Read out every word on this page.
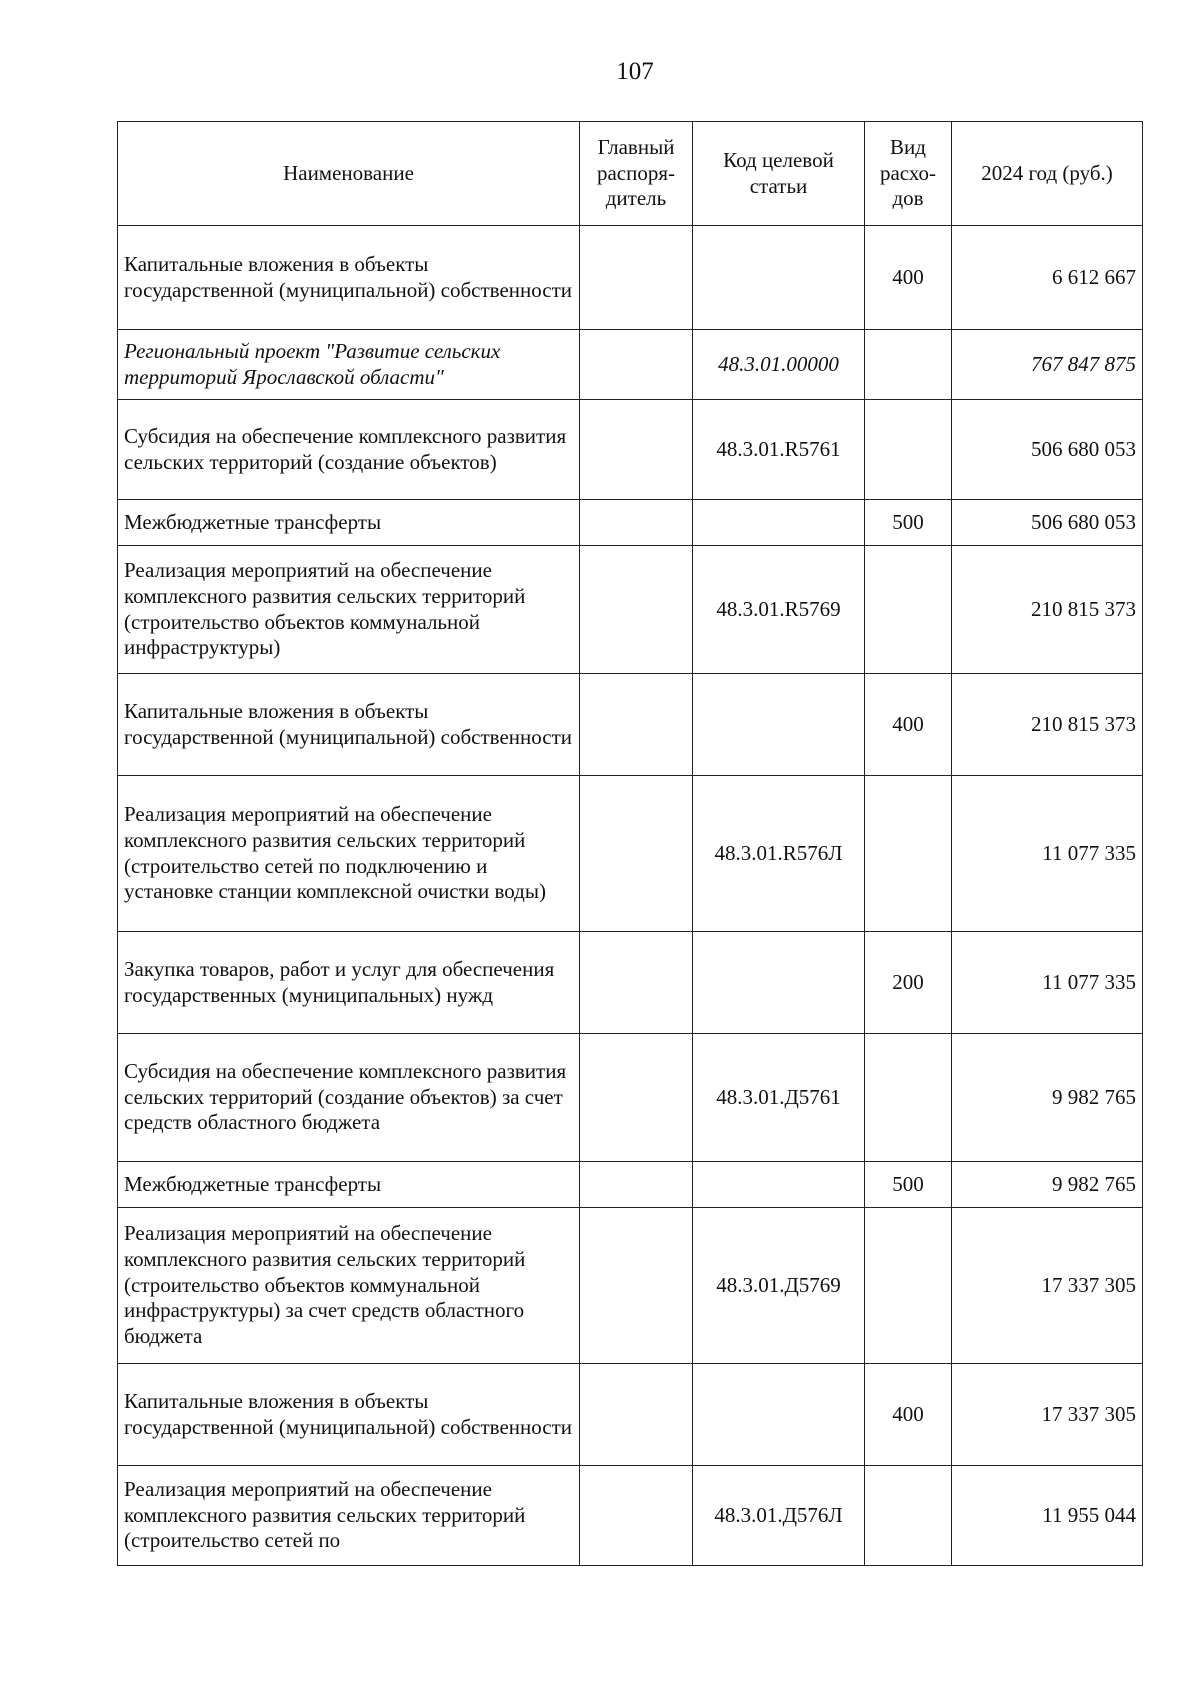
107
Наименование	Главный распоря-дитель	Код целевой статьи	Вид расхо-дов	2024 год (руб.)
Капитальные вложения в объекты государственной (муниципальной) собственности			400	6 612 667
Региональный проект "Развитие сельских территорий Ярославской области"		48.3.01.00000		767 847 875
Субсидия на обеспечение комплексного развития сельских территорий (создание объектов)		48.3.01.R5761		506 680 053
Межбюджетные трансферты			500	506 680 053
Реализация мероприятий на обеспечение комплексного развития сельских территорий (строительство объектов коммунальной инфраструктуры)		48.3.01.R5769		210 815 373
Капитальные вложения в объекты государственной (муниципальной) собственности			400	210 815 373
Реализация мероприятий на обеспечение комплексного развития сельских территорий (строительство сетей по подключению и установке станции комплексной очистки воды)		48.3.01.R576Л		11 077 335
Закупка товаров, работ и услуг для обеспечения государственных (муниципальных) нужд			200	11 077 335
Субсидия на обеспечение комплексного развития сельских территорий (создание объектов) за счет средств областного бюджета		48.3.01.Д5761		9 982 765
Межбюджетные трансферты			500	9 982 765
Реализация мероприятий на обеспечение комплексного развития сельских территорий (строительство объектов коммунальной инфраструктуры) за счет средств областного бюджета		48.3.01.Д5769		17 337 305
Капитальные вложения в объекты государственной (муниципальной) собственности			400	17 337 305
Реализация мероприятий на обеспечение комплексного развития сельских территорий (строительство сетей по		48.3.01.Д576Л		11 955 044
